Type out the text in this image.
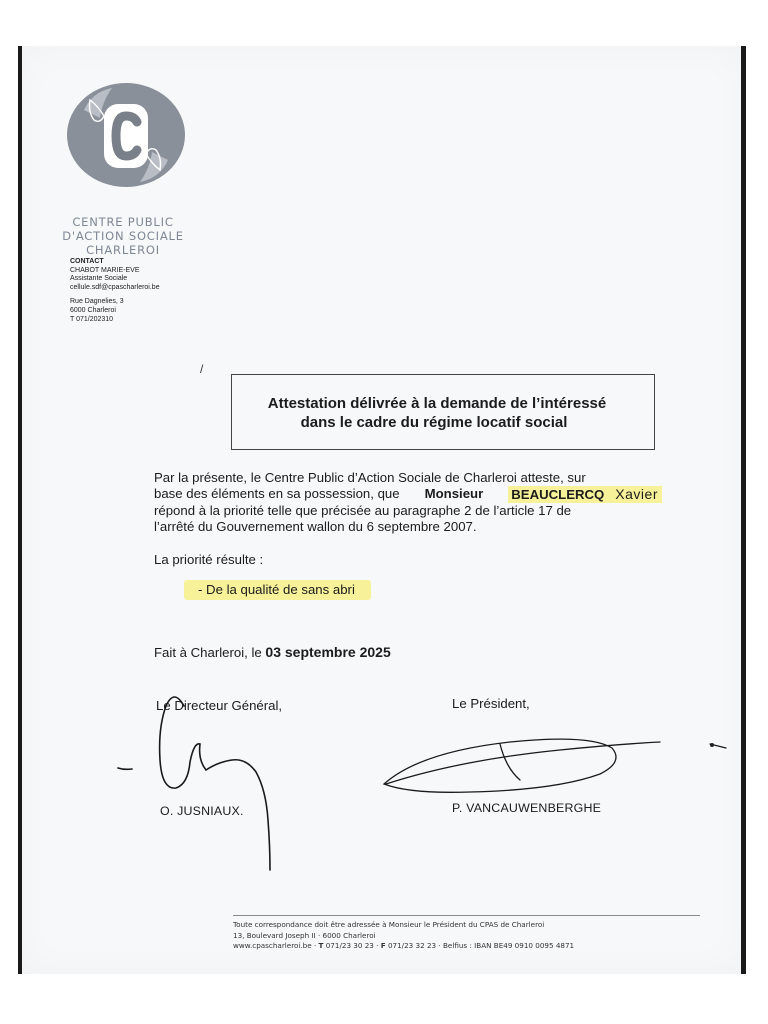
CENTRE PUBLIC
D'ACTION SOCIALE
CHARLEROI
CONTACT
CHABOT MARIE-EVE
Assistante Sociale
cellule.sdf@cpascharleroi.be
Rue Dagnelies, 3
6000 Charleroi
T 071/202310
/
Attestation délivrée à la demande de l’intéressé
dans le cadre du régime locatif social
Par la présente, le Centre Public d’Action Sociale de Charleroi atteste, sur
base des éléments en sa possession, que Monsieur BEAUCLERCQ Xavier
répond à la priorité telle que précisée au paragraphe 2 de l’article 17 de
l’arrêté du Gouvernement wallon du 6 septembre 2007.
La priorité résulte :
- De la qualité de sans abri
Fait à Charleroi, le 03 septembre 2025
Le Directeur Général,	Le Président,
O. JUSNIAUX.	P. VANCAUWENBERGHE
Toute correspondance doit être adressée à Monsieur le Président du CPAS de Charleroi
13, Boulevard Joseph II · 6000 Charleroi
www.cpascharleroi.be · T 071/23 30 23 · F 071/23 32 23 · Belfius : IBAN BE49 0910 0095 4871
